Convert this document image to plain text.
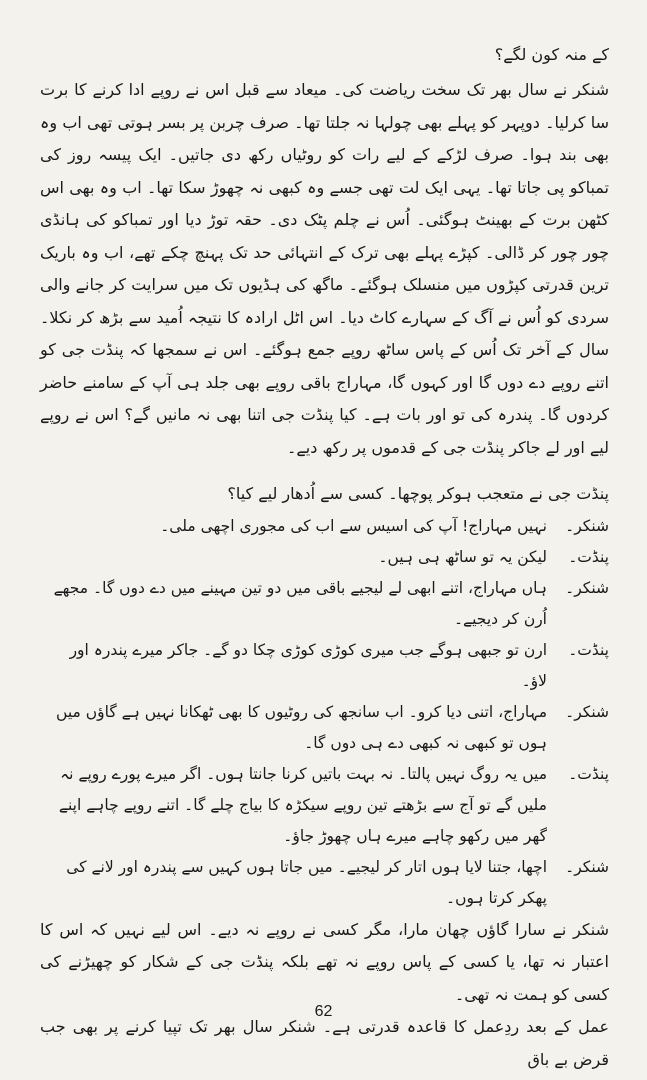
کے منہ کون لگے؟

شنکر نے سال بھر تک سخت ریاضت کی۔ میعاد سے قبل اس نے روپے ادا کرنے کا برت سا کرلیا۔ دوپہر کو پہلے بھی چولہا نہ جلتا تھا۔ صرف چربن پر بسر ہوتی تھی اب وہ بھی بند ہوا۔ صرف لڑکے کے لیے رات کو روٹیاں رکھ دی جاتیں۔ ایک پیسہ روز کی تمباکو پی جاتا تھا۔ یہی ایک لت تھی جسے وہ کبھی نہ چھوڑ سکا تھا۔ اب وہ بھی اس کٹھن برت کے بھینٹ ہوگئی۔ اُس نے چلم پٹک دی۔ حقہ توڑ دیا اور تمباکو کی ہانڈی چور چور کر ڈالی۔ کپڑے پہلے بھی ترک کے انتہائی حد تک پہنچ چکے تھے، اب وہ باریک ترین قدرتی کپڑوں میں منسلک ہوگئے۔ ماگھ کی ہڈیوں تک میں سرایت کر جانے والی سردی کو اُس نے آگ کے سہارے کاٹ دیا۔ اس اٹل ارادہ کا نتیجہ اُمید سے بڑھ کر نکلا۔ سال کے آخر تک اُس کے پاس ساٹھ روپے جمع ہوگئے۔ اس نے سمجھا کہ پنڈت جی کو اتنے روپے دے دوں گا اور کہوں گا، مہاراج باقی روپے بھی جلد ہی آپ کے سامنے حاضر کردوں گا۔ پندرہ کی تو اور بات ہے۔ کیا پنڈت جی اتنا بھی نہ مانیں گے؟ اس نے روپے لیے اور لے جاکر پنڈت جی کے قدموں پر رکھ دیے۔

پنڈت جی نے متعجب ہوکر پوچھا۔ کسی سے اُدھار لیے کیا؟

شنکر۔
نہیں مہاراج! آپ کی اسیس سے اب کی مجوری اچھی ملی۔
پنڈت۔
لیکن یہ تو ساٹھ ہی ہیں۔
شنکر۔
ہاں مہاراج، اتنے ابھی لے لیجیے باقی میں دو تین مہینے میں دے دوں گا۔ مجھے اُرن کر دیجیے۔
پنڈت۔
ارن تو جبھی ہوگے جب میری کوڑی کوڑی چکا دو گے۔ جاکر میرے پندرہ اور لاؤ۔
شنکر۔
مہاراج، اتنی دیا کرو۔ اب سانجھ کی روٹیوں کا بھی ٹھکانا نہیں ہے گاؤں میں ہوں تو کبھی نہ کبھی دے ہی دوں گا۔
پنڈت۔
میں یہ روگ نہیں پالتا۔ نہ بہت باتیں کرنا جانتا ہوں۔ اگر میرے پورے روپے نہ ملیں گے تو آج سے بڑھتے تین روپے سیکڑہ کا بیاج چلے گا۔ اتنے روپے چاہے اپنے گھر میں رکھو چاہے میرے ہاں چھوڑ جاؤ۔
شنکر۔
اچھا، جتنا لایا ہوں اتار کر لیجیے۔ میں جاتا ہوں کہیں سے پندرہ اور لانے کی پھکر کرتا ہوں۔

شنکر نے سارا گاؤں چھان مارا، مگر کسی نے روپے نہ دیے۔ اس لیے نہیں کہ اس کا اعتبار نہ تھا، یا کسی کے پاس روپے نہ تھے بلکہ پنڈت جی کے شکار کو چھیڑنے کی کسی کو ہمت نہ تھی۔

عمل کے بعد ردِعمل کا قاعدہ قدرتی ہے۔ شنکر سال بھر تک تپیا کرنے پر بھی جب قرض بے باق

62
